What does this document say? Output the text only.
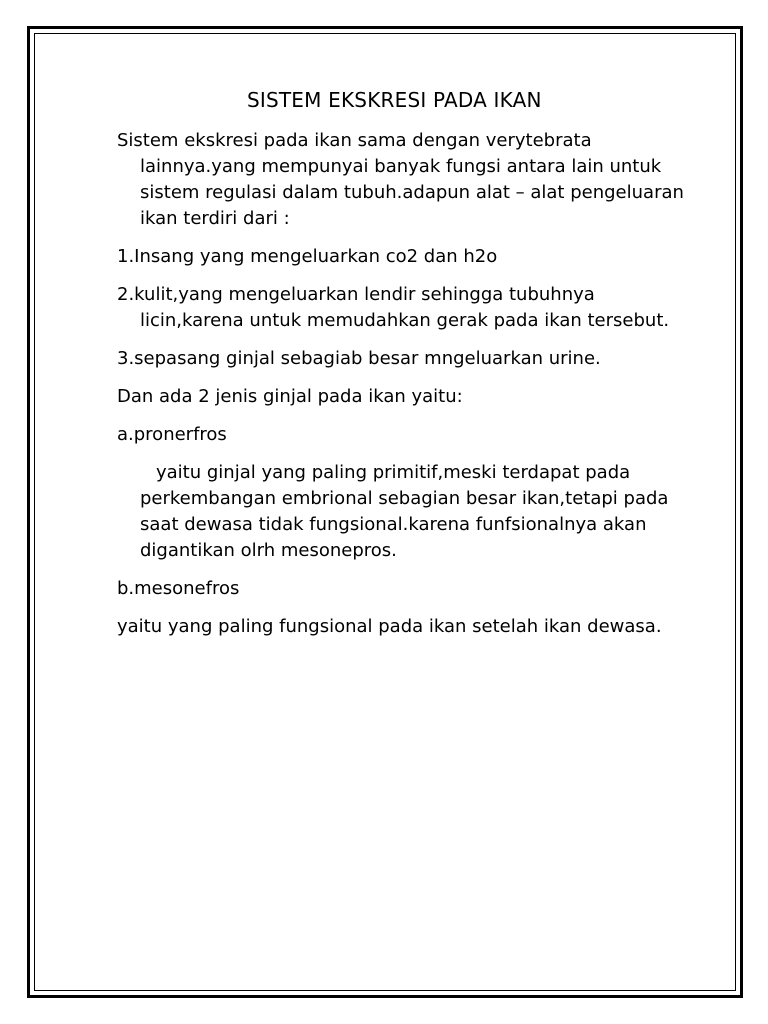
SISTEM EKSKRESI PADA IKAN

Sistem ekskresi pada ikan sama dengan verytebrata lainnya.yang mempunyai banyak fungsi antara lain untuk sistem regulasi dalam tubuh.adapun alat – alat pengeluaran ikan terdiri dari :

1.Insang yang mengeluarkan co2 dan h2o

2.kulit,yang mengeluarkan lendir sehingga tubuhnya licin,karena untuk memudahkan gerak pada ikan tersebut.

3.sepasang ginjal sebagiab besar mngeluarkan urine.

Dan ada 2 jenis ginjal pada ikan yaitu:

a.pronerfros

yaitu ginjal yang paling primitif,meski terdapat pada perkembangan embrional sebagian besar ikan,tetapi pada saat dewasa tidak fungsional.karena funfsionalnya akan digantikan olrh mesonepros.

b.mesonefros

yaitu yang paling fungsional pada ikan setelah ikan dewasa.
